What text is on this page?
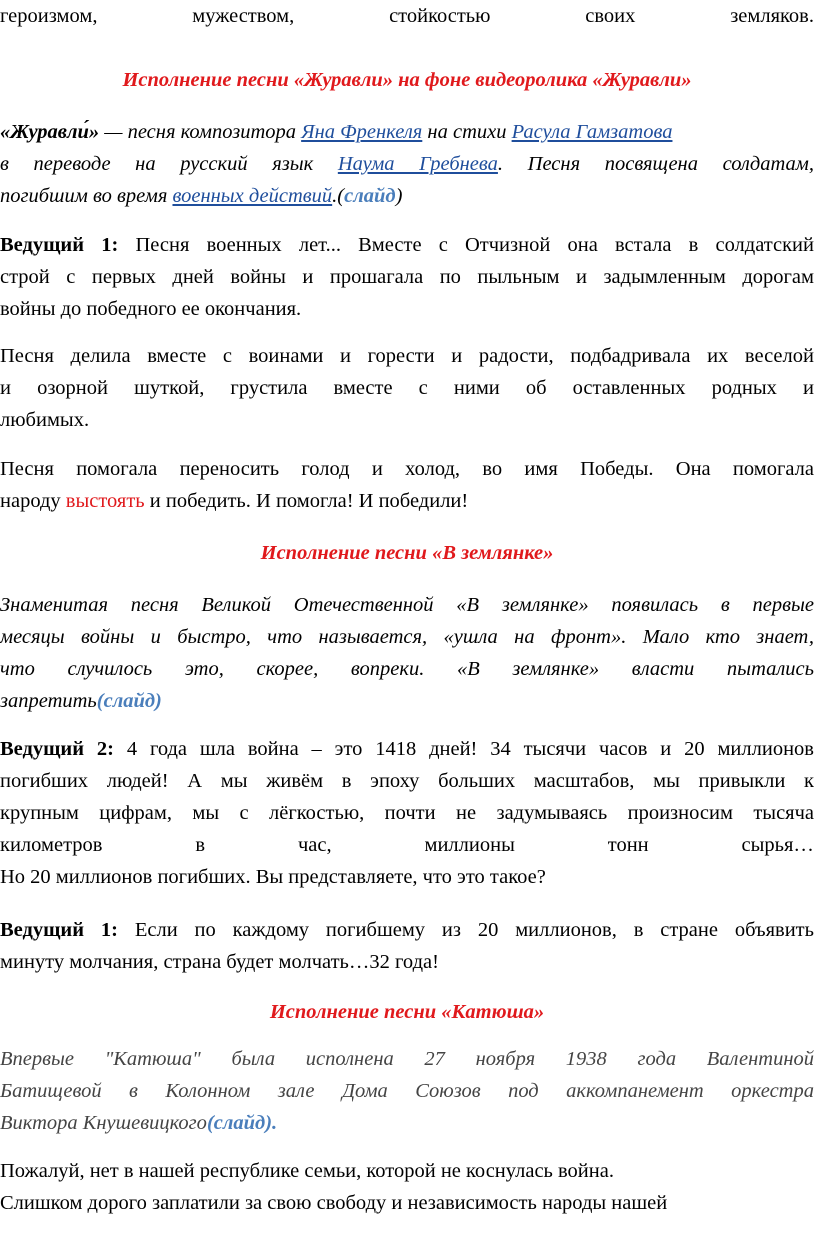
героизмом,	мужеством,	стойкостью	своих	земляков.
Исполнение песни «Журавли» на фоне видеоролика «Журавли»
«Журавли́» — песня композитора Яна Френкеля на стихи Расула Гамзатова
в переводе на русский язык Наума Гребнева. Песня посвящена солдатам,
погибшим во время военных действий.(слайд)
Ведущий 1: Песня военных лет... Вместе с Отчизной она встала в солдатский
строй с первых дней войны и прошагала по пыльным и задымленным дорогам
войны до победного ее окончания.
Песня делила вместе с воинами и горести и радости, подбадривала их веселой
и озорной шуткой, грустила вместе с ними об оставленных родных и
любимых.
Песня помогала переносить голод и холод, во имя Победы. Она помогала
народу выстоять и победить. И помогла! И победили!
Исполнение песни «В землянке»
Знаменитая песня Великой Отечественной «В землянке» появилась в первые
месяцы войны и быстро, что называется, «ушла на фронт». Мало кто знает,
что случилось это, скорее, вопреки. «В землянке» власти пытались
запретить(слайд)
Ведущий 2: 4 года шла война – это 1418 дней! 34 тысячи часов и 20 миллионов
погибших людей! А мы живём в эпоху больших масштабов, мы привыкли к
крупным цифрам, мы с лёгкостью, почти не задумываясь произносим тысяча
километров	в	час,	миллионы	тонн	сырья…
Но 20 миллионов погибших. Вы представляете, что это такое?
Ведущий 1: Если по каждому погибшему из 20 миллионов, в стране объявить
минуту молчания, страна будет молчать…32 года!
Исполнение песни «Катюша»
Впервые "Катюша" была исполнена 27 ноября 1938 года Валентиной
Батищевой в Колонном зале Дома Союзов под аккомпанемент оркестра
Виктора Кнушевицкого(слайд).
Пожалуй, нет в нашей республике семьи, которой не коснулась война.
Слишком дорого заплатили за свою свободу и независимость народы нашей
